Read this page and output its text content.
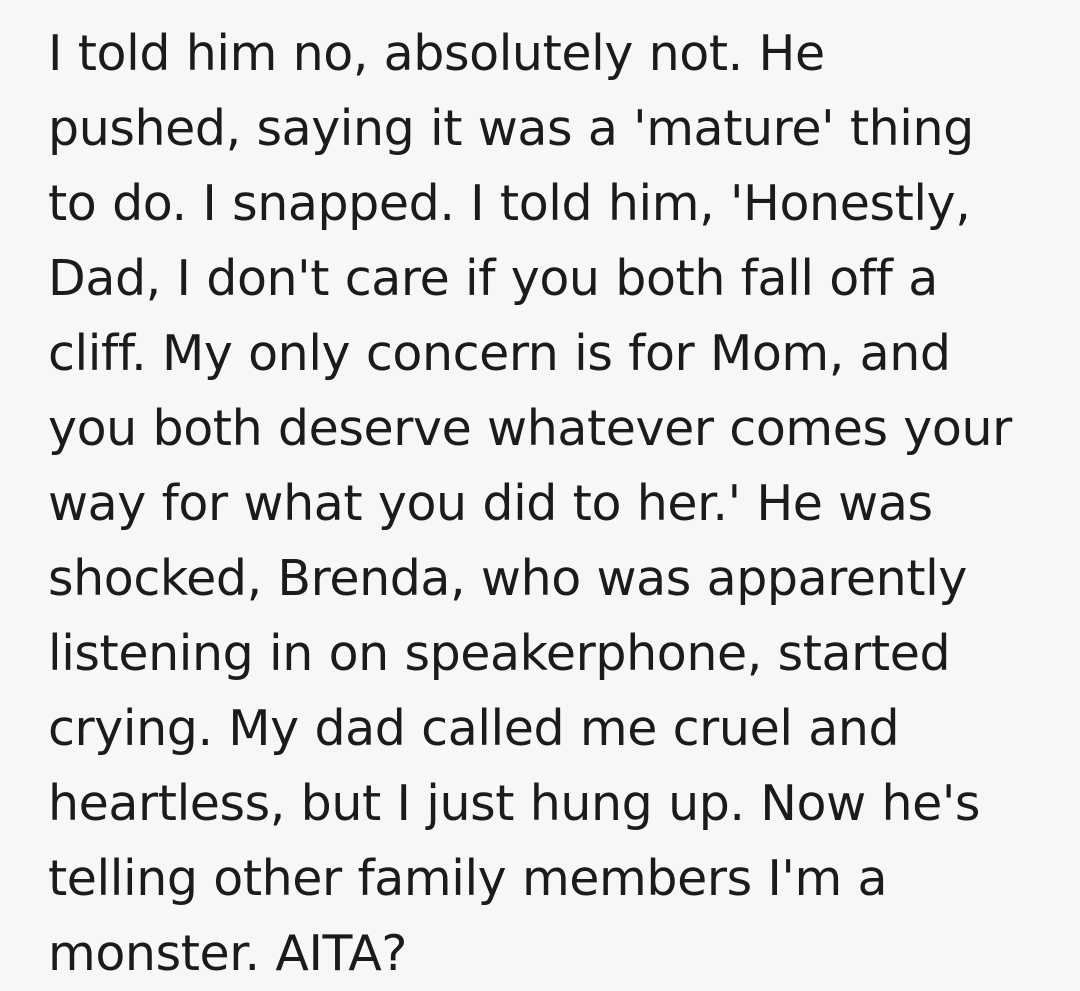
I told him no, absolutely not. He pushed, saying it was a 'mature' thing to do. I snapped. I told him, 'Honestly, Dad, I don't care if you both fall off a cliff. My only concern is for Mom, and you both deserve whatever comes your way for what you did to her.' He was shocked, Brenda, who was apparently listening in on speakerphone, started crying. My dad called me cruel and heartless, but I just hung up. Now he's telling other family members I'm a monster. AITA?
